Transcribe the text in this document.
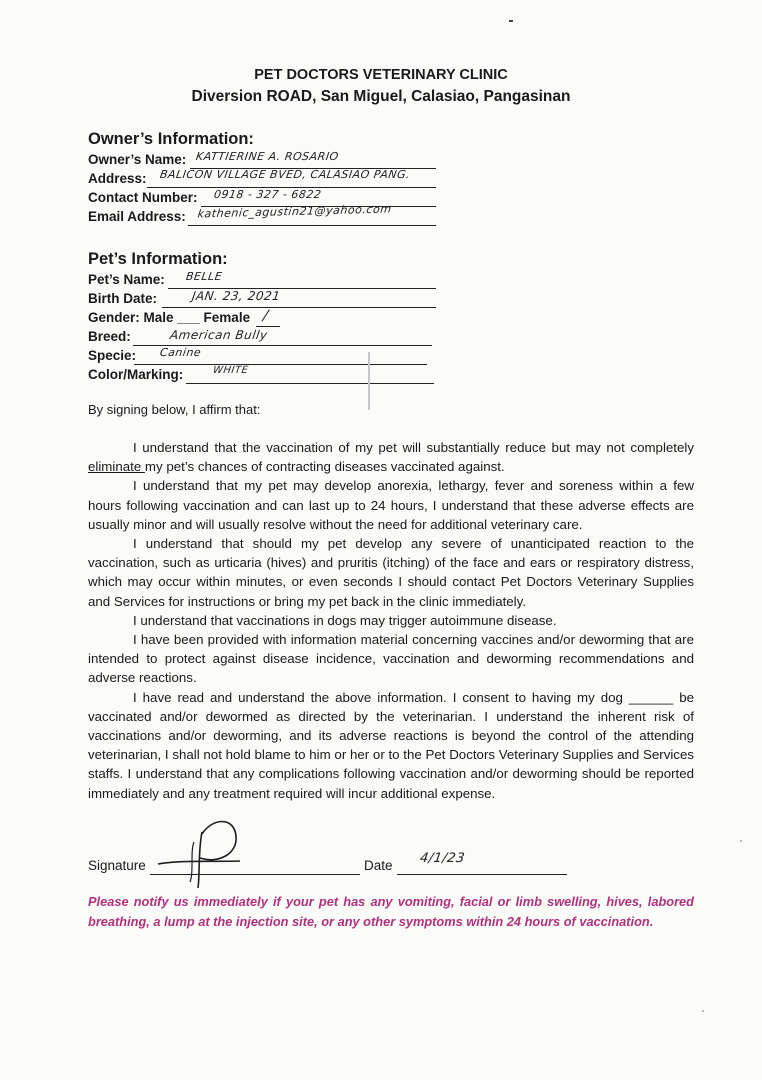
PET DOCTORS VETERINARY CLINIC
Diversion ROAD, San Miguel, Calasiao, Pangasinan
Owner’s Information:
Owner’s Name: KATTIERINE A. ROSARIO
Address: BALICON VILLAGE BVED, CALASIAO PANG.
Contact Number: 0918 - 327 - 6822
Email Address: kathenic_agustin21@yahoo.com
Pet’s Information:
Pet’s Name: BELLE
Birth Date:	JAN. 23, 2021
Gender: Male ___ Female /
Breed:	American Bully
Specie: Canine
Color/Marking:	WHITE
By signing below, I affirm that:

I understand that the vaccination of my pet will substantially reduce but may not completely eliminate my pet’s chances of contracting diseases vaccinated against.

I understand that my pet may develop anorexia, lethargy, fever and soreness within a few hours following vaccination and can last up to 24 hours, I understand that these adverse effects are usually minor and will usually resolve without the need for additional veterinary care.

I understand that should my pet develop any severe of unanticipated reaction to the vaccination, such as urticaria (hives) and pruritis (itching) of the face and ears or respiratory distress, which may occur within minutes, or even seconds I should contact Pet Doctors Veterinary Supplies and Services for instructions or bring my pet back in the clinic immediately.

I understand that vaccinations in dogs may trigger autoimmune disease.

I have been provided with information material concerning vaccines and/or deworming that are intended to protect against disease incidence, vaccination and deworming recommendations and adverse reactions.

I have read and understand the above information. I consent to having my dog ______ be vaccinated and/or dewormed as directed by the veterinarian. I understand the inherent risk of vaccinations and/or deworming, and its adverse reactions is beyond the control of the attending veterinarian, I shall not hold blame to him or her or to the Pet Doctors Veterinary Supplies and Services staffs. I understand that any complications following vaccination and/or deworming should be reported immediately and any treatment required will incur additional expense.

Signature	Date 4/1/23
Please notify us immediately if your pet has any vomiting, facial or limb swelling, hives, labored breathing, a lump at the injection site, or any other symptoms within 24 hours of vaccination.
